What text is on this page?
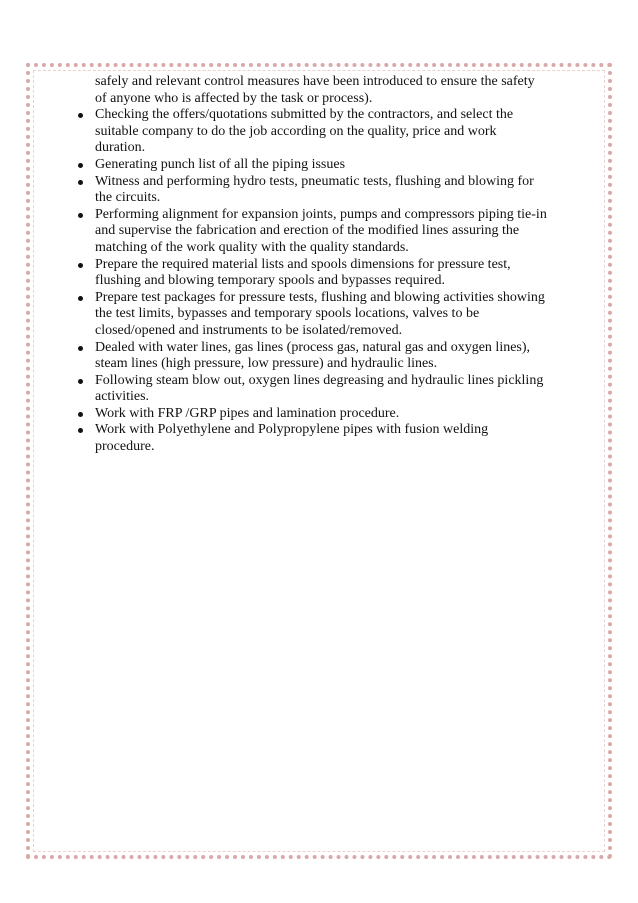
safely and relevant control measures have been introduced to ensure the safety of anyone who is affected by the task or process).

Checking the offers/quotations submitted by the contractors, and select the suitable company to do the job according on the quality, price and work duration.
Generating punch list of all the piping issues
Witness and performing hydro tests, pneumatic tests, flushing and blowing for the circuits.
Performing alignment for expansion joints, pumps and compressors piping tie-in and supervise the fabrication and erection of the modified lines assuring the matching of the work quality with the quality standards.
Prepare the required material lists and spools dimensions for pressure test, flushing and blowing temporary spools and bypasses required.
Prepare test packages for pressure tests, flushing and blowing activities showing the test limits, bypasses and temporary spools locations, valves to be closed/opened and instruments to be isolated/removed.
Dealed with water lines, gas lines (process gas, natural gas and oxygen lines), steam lines (high pressure, low pressure) and hydraulic lines.
Following steam blow out, oxygen lines degreasing and hydraulic lines pickling activities.
Work with FRP /GRP pipes and lamination procedure.
Work with Polyethylene and Polypropylene pipes with fusion welding procedure.
